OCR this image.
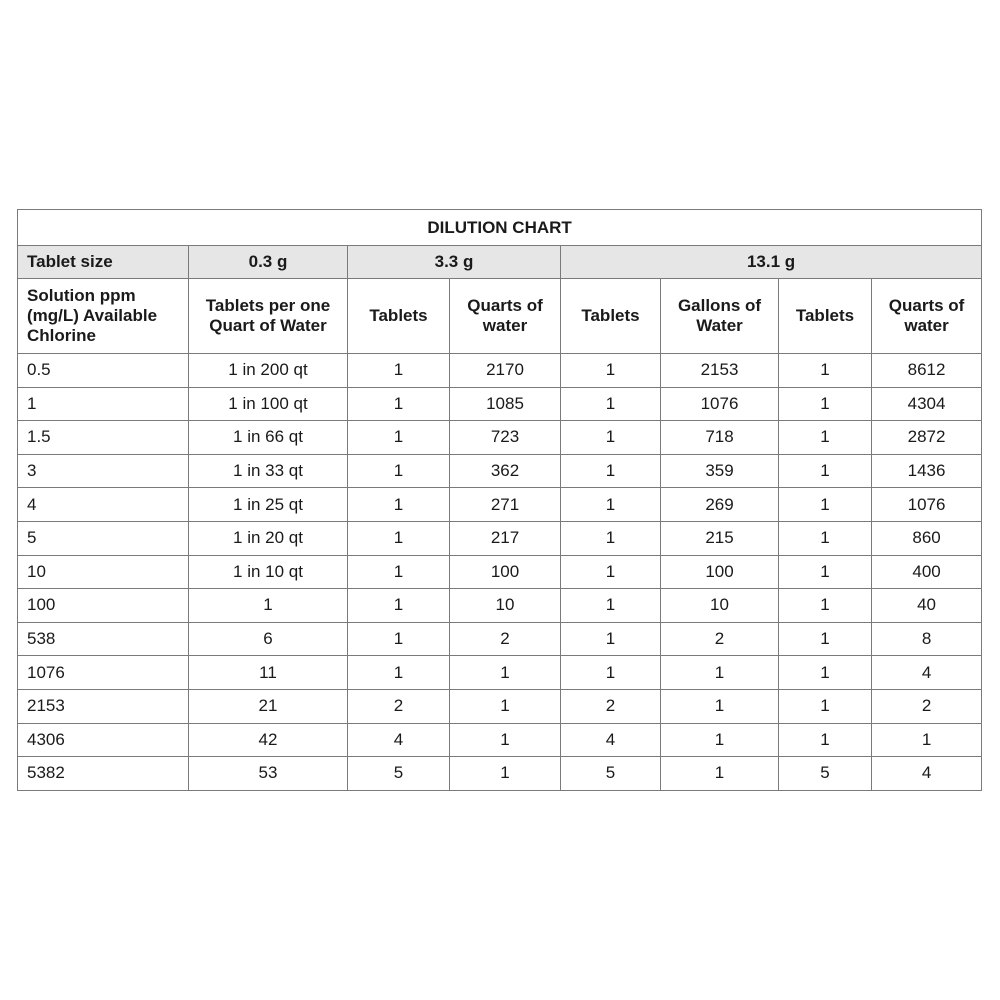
DILUTION CHART							
Tablet size	0.3 g	3.3 g		13.1 g			
Solution ppm (mg/L) Available Chlorine	Tablets per one Quart of Water	Tablets	Quarts of water	Tablets	Gallons of Water	Tablets	Quarts of water
0.5	1 in 200 qt	1	2170	1	2153	1	8612
1	1 in 100 qt	1	1085	1	1076	1	4304
1.5	1 in 66 qt	1	723	1	718	1	2872
3	1 in 33 qt	1	362	1	359	1	1436
4	1 in 25 qt	1	271	1	269	1	1076
5	1 in 20 qt	1	217	1	215	1	860
10	1 in 10 qt	1	100	1	100	1	400
100	1	1	10	1	10	1	40
538	6	1	2	1	2	1	8
1076	11	1	1	1	1	1	4
2153	21	2	1	2	1	1	2
4306	42	4	1	4	1	1	1
5382	53	5	1	5	1	5	4
